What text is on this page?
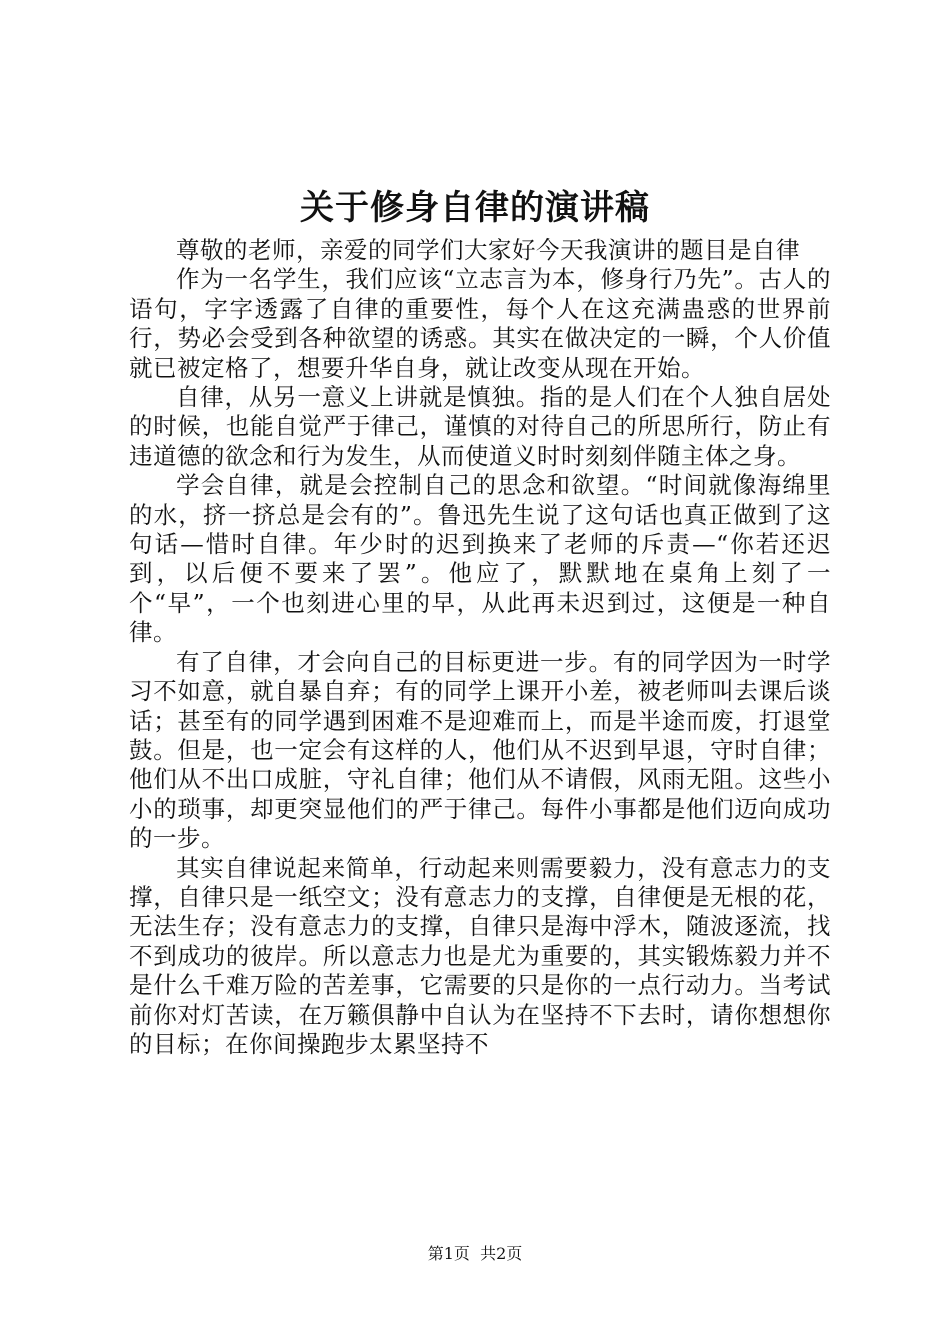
关于修身自律的演讲稿

尊敬的老师，亲爱的同学们大家好今天我演讲的题目是自律

作为一名学生，我们应该“立志言为本，修身行乃先”。古人的语句，字字透露了自律的重要性，每个人在这充满蛊惑的世界前行，势必会受到各种欲望的诱惑。其实在做决定的一瞬，个人价值就已被定格了，想要升华自身，就让改变从现在开始。

自律，从另一意义上讲就是慎独。指的是人们在个人独自居处的时候，也能自觉严于律己，谨慎的对待自己的所思所行，防止有违道德的欲念和行为发生，从而使道义时时刻刻伴随主体之身。

学会自律，就是会控制自己的思念和欲望。“时间就像海绵里的水，挤一挤总是会有的”。鲁迅先生说了这句话也真正做到了这句话—惜时自律。年少时的迟到换来了老师的斥责—“你若还迟到，以后便不要来了罢”。他应了，默默地在桌角上刻了一个“早”，一个也刻进心里的早，从此再未迟到过，这便是一种自律。

有了自律，才会向自己的目标更进一步。有的同学因为一时学习不如意，就自暴自弃；有的同学上课开小差，被老师叫去课后谈话；甚至有的同学遇到困难不是迎难而上，而是半途而废，打退堂鼓。但是，也一定会有这样的人，他们从不迟到早退，守时自律；他们从不出口成脏，守礼自律；他们从不请假，风雨无阻。这些小小的琐事，却更突显他们的严于律己。每件小事都是他们迈向成功的一步。

其实自律说起来简单，行动起来则需要毅力，没有意志力的支撑，自律只是一纸空文；没有意志力的支撑，自律便是无根的花，无法生存；没有意志力的支撑，自律只是海中浮木，随波逐流，找不到成功的彼岸。所以意志力也是尤为重要的，其实锻炼毅力并不是什么千难万险的苦差事，它需要的只是你的一点行动力。当考试前你对灯苦读，在万籁俱静中自认为在坚持不下去时，请你想想你的目标；在你间操跑步太累坚持不

第1页  共2页
